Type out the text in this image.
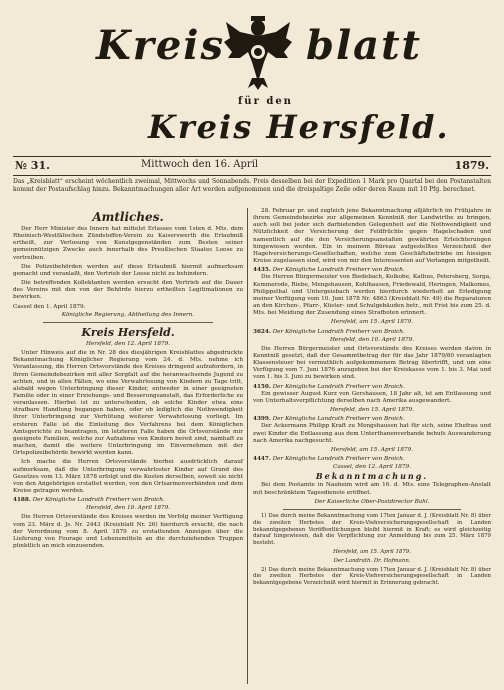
Kreis blatt
für den
Kreis Hersfeld.
№ 31.	Mittwoch den 16. April	1879.
Das „Kreisblatt“ erscheint wöchentlich zweimal, Mittwochs und Sonnabends. Preis desselben bei der Expedition 1 Mark pro Quartal bei den Postanstalten kommt der Postaufschlag hinzu. Bekanntmachungen aller Art werden aufgenommen und die dreispaltige Zeile oder deren Raum mit 10 Pfg. berechnet.
Amtliches.

Der Herr Minister des Innern hat mittelst Erlasses vom 1sten d. Mts. dem Rheinisch-Westfälischen Zündstoffen-Verein zu Kaiserswerth die Erlaubniß ertheilt, zur Verlosung von Kunstgegenständen zum Besten seiner gemeinnützigen Zwecke auch innerhalb des Preußischen Staates Loose zu vertreiben.

Die Polizeibehörden werden auf diese Erlaubniß hiermit aufmerksam gemacht und veranlaßt, den Vertrieb der Loose nicht zu behindern.

Die betreffenden Kollektanten werden ersucht den Vertrieb auf die Dauer des Vereins mit den von der Behörde hierzu ertheilten Legitimationen zu bewirken.

Cassel den 1. April 1879.
Königliche Regierung, Abtheilung des Innern.
Kreis Hersfeld.
Hersfeld, den 12. April 1879.

Unter Hinweis auf die in Nr. 28 des diesjährigen Kreisblattes abgedruckte Bekanntmachung Königlicher Regierung vom 24. d. Mts. nehme ich Veranlassung, die Herren Ortsvorstände des Kreises dringend aufzufordern, in ihren Gemeindebezirken mit aller Sorgfalt auf die heranwachsende Jugend zu achten, und in allen Fällen, wo eine Verwahrlosung von Kindern zu Tage tritt, alsbald wegen Unterbringung dieser Kinder, entweder in einer geeigneten Familie oder in einer Erziehungs- und Besserungsanstalt, das Erforderliche zu veranlassen. Hierbei ist zu unterscheiden, ob solche Kinder etwa eine strafbare Handlung begangen haben, oder ob lediglich die Nothwendigkeit ihrer Unterbringung zur Verhütung weiterer Verwahrlosung vorliegt. Im ersteren Falle ist die Einleitung des Verfahrens bei dem Königlichen Amtsgerichte zu beantragen, im letzteren Falle haben die Ortsvorstände mir geeignete Familien, welche zur Aufnahme von Kindern bereit sind, namhaft zu machen, damit die weitere Unterbringung im Einvernehmen mit der Ortspolizeibehörde bewirkt werden kann.

Ich mache die Herren Ortsvorstände hierbei ausdrücklich darauf aufmerksam, daß die Unterbringung verwahrloster Kinder auf Grund des Gesetzes vom 13. März 1878 erfolgt und die Kosten derselben, soweit sie nicht von den Angehörigen erstattet werden, von den Ortsarmenverbänden und dem Kreise getragen werden.

4188. Der Königliche Landrath Freiherr von Broich.
Hersfeld, den 10. April 1879.

Die Herren Ortsvorstände des Kreises werden im Verfolg meiner Verfügung vom 23. März d. Js. Nr. 2443 (Kreisblatt Nr. 26) hierdurch ersucht, die nach der Verordnung vom 8. April 1879 zu erstattenden Anzeigen über die Lieferung von Fourage und Lebensmitteln an die durchziehenden Truppen pünktlich an mich einzusenden.

28. Februar pr. und zugleich jene Bekanntmachung alljährlich im Frühjahre in ihrem Gemeindebezirke zur allgemeinen Kenntniß der Landwirthe zu bringen, auch soll bei jeder sich darbietenden Gelegenheit auf die Nothwendigkeit und Nützlichkeit der Versicherung der Feldfrüchte gegen Hagelschaden und namentlich auf die den Versicherungsanstalten gewährten Erleichterungen hingewiesen werden. Ein in meinem Büreau aufgestelltes Verzeichniß der Hagelversicherungs-Gesellschaften, welche zum Geschäftsbetriebe im hiesigen Kreise zugelassen sind, wird von mir den Interessenten auf Verlangen mitgetheilt.

4435. Der Königliche Landrath Freiherr von Broich.

Die Herren Bürgermeister von Biedebach, Kolkobe, Kathus, Petersberg, Sorga, Kemmerode, Riebe, Mengshausen, Kohlhausen, Friedewald, Heringen, Malkomes, Philippsthal und Untergeisbach werden hierdurch wiederholt an Erledigung meiner Verfügung vom 10. Juni 1878 Nr. 4863 (Kreisblatt Nr. 49) die Reparaturen an den Kirchen-, Pfarr-, Küster- und Schulgebäuden betr., mit Frist bis zum 25. d. Mts. bei Meidung der Zusendung eines Strafboten erinnert.

Hersfeld, am 15. April 1879.
3624. Der Königliche Landrath Freiherr von Broich.
Hersfeld, den 10. April 1879.

Die Herren Bürgermeister und Ortsvorstände des Kreises werden davon in Kenntniß gesetzt, daß der Gesammtbetrag der für das Jahr 1879/80 veranlagten Klassensteuer bei vermuthlich aufgekommenem Betrag übertrifft, und um eine Verfügung vom 7. Juni 1876 anzugeben bei der Kreiskasse vom 1. bis 3. Mai und vom 1. bis 3. Juni zu bewirken sind.

4150. Der Königliche Landrath Freiherr von Broich.

Ein gewisser August Kurz von Gershausen, 18 Jahr alt, ist am Entlassung und von Unterhaltsverpflichtung derselben nach Amerika ausgewandert.

Hersfeld, den 15. April 1879.
4399. Der Königliche Landrath Freiherr von Broich.

Der Ackermann Philipp Kraft zu Mengshausen hat für sich, seine Ehefrau und zwei Kinder die Entlassung aus dem Unterthanenverbande behufs Auswanderung nach Amerika nachgesucht.

Hersfeld, am 15. April 1879.
4447. Der Königliche Landrath Freiherr von Broich.
Cassel, den 12. April 1879.
Bekanntmachung.

Bei dem Postamte in Nauheim wird am 16. d. Mts. eine Telegraphen-Anstalt mit beschränktem Tagesdienste eröffnet.

Der Kaiserliche Ober-Postdirector Bahl.

1) Das durch meine Bekanntmachung vom 17ten Januar d. J. (Kreisblatt Nr. 8) über die zweiten Herbstes der Kreis-Viehversicherungsgesellschaft in Landen bekanntgegebenen Veröffentlichungen bleibt hiermit in Kraft; es wird gleichzeitig darauf hingewiesen, daß die Verpflichtung zur Anmeldung bis zum 25. März 1879 besteht.

Hersfeld, am 15. April 1879.
Der Landrath. Dr. Hofmann.

2) Das durch meine Bekanntmachung vom 17ten Januar d. J. (Kreisblatt Nr. 8) über die zweiten Herbstes der Kreis-Viehversicherungsgesellschaft in Landen bekanntgegebene Verzeichniß wird hiermit in Erinnerung gebracht.
